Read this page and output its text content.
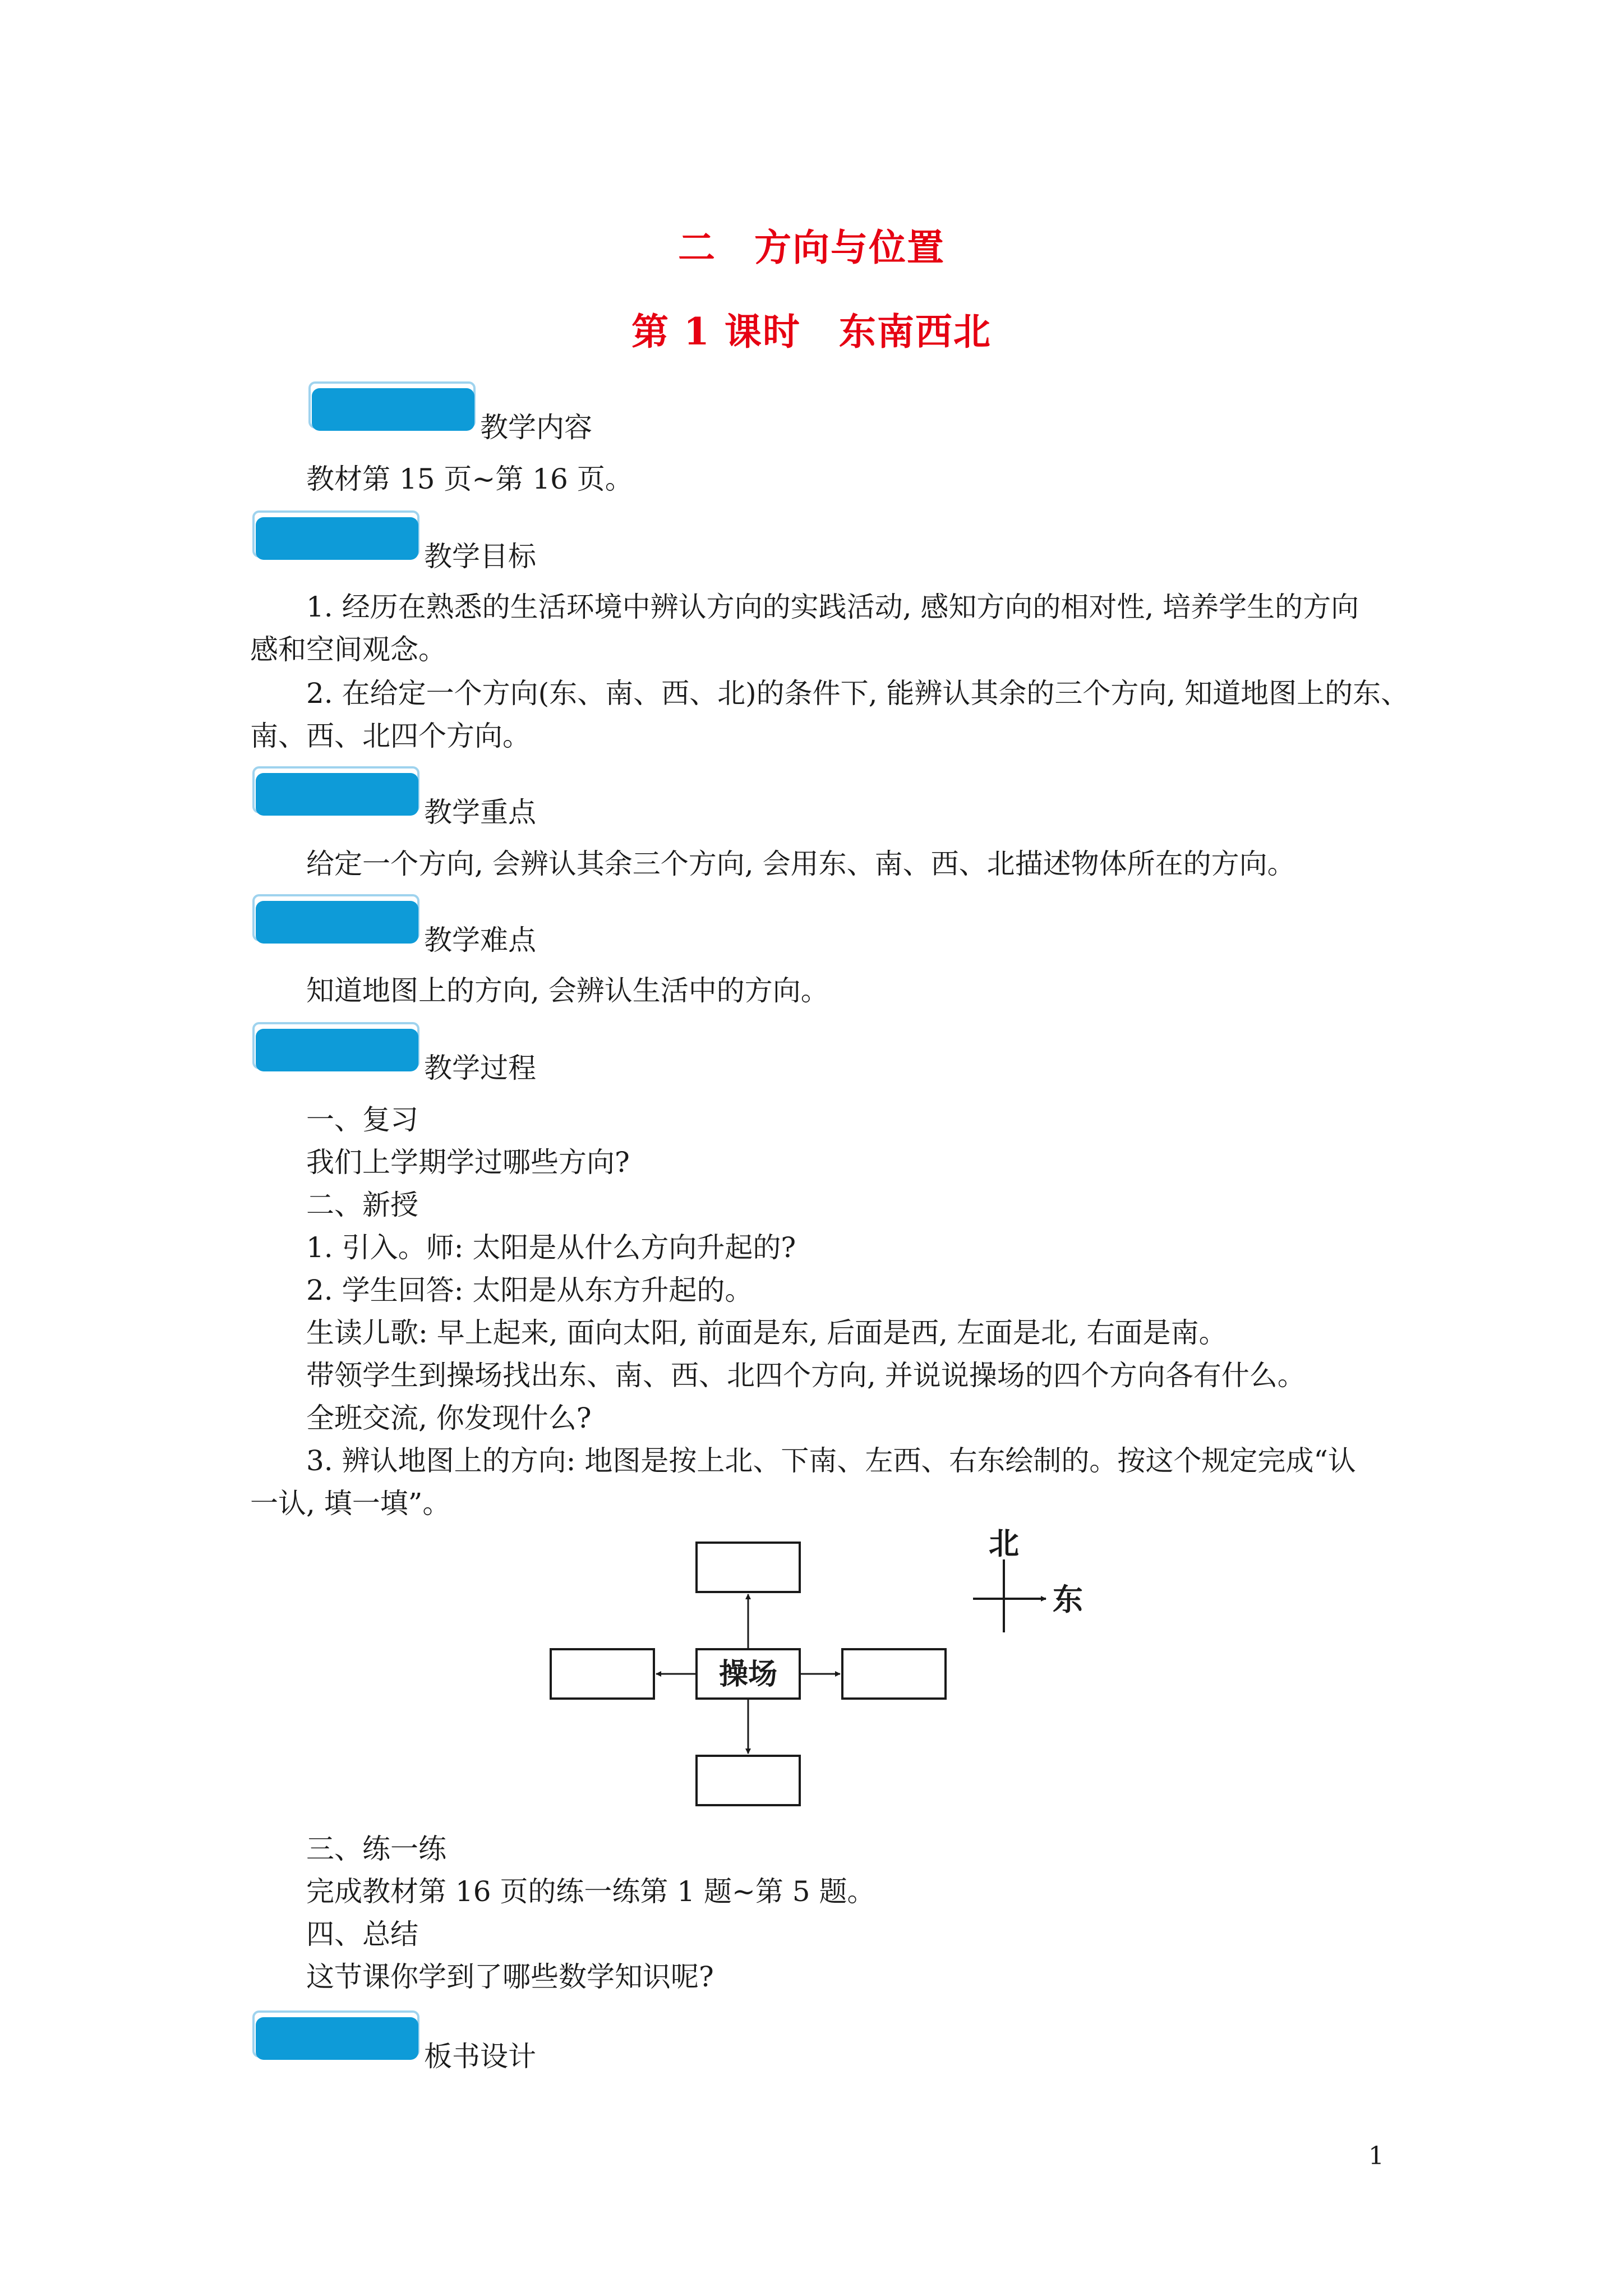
二　方向与位置
第 1 课时　东南西北
教学内容
教材第 15 页~第 16 页。
教学目标
1. 经历在熟悉的生活环境中辨认方向的实践活动, 感知方向的相对性, 培养学生的方向
感和空间观念。
2. 在给定一个方向(东、南、西、北)的条件下, 能辨认其余的三个方向, 知道地图上的东、
南、西、北四个方向。
教学重点
给定一个方向, 会辨认其余三个方向, 会用东、南、西、北描述物体所在的方向。
教学难点
知道地图上的方向, 会辨认生活中的方向。
教学过程
一、复习
我们上学期学过哪些方向?
二、新授
1. 引入。师: 太阳是从什么方向升起的?
2. 学生回答: 太阳是从东方升起的。
生读儿歌: 早上起来, 面向太阳, 前面是东, 后面是西, 左面是北, 右面是南。
带领学生到操场找出东、南、西、北四个方向, 并说说操场的四个方向各有什么。
全班交流, 你发现什么?
3. 辨认地图上的方向: 地图是按上北、下南、左西、右东绘制的。按这个规定完成“认
一认, 填一填”。
操场
北
东
三、练一练
完成教材第 16 页的练一练第 1 题~第 5 题。
四、总结
这节课你学到了哪些数学知识呢?
板书设计
1
